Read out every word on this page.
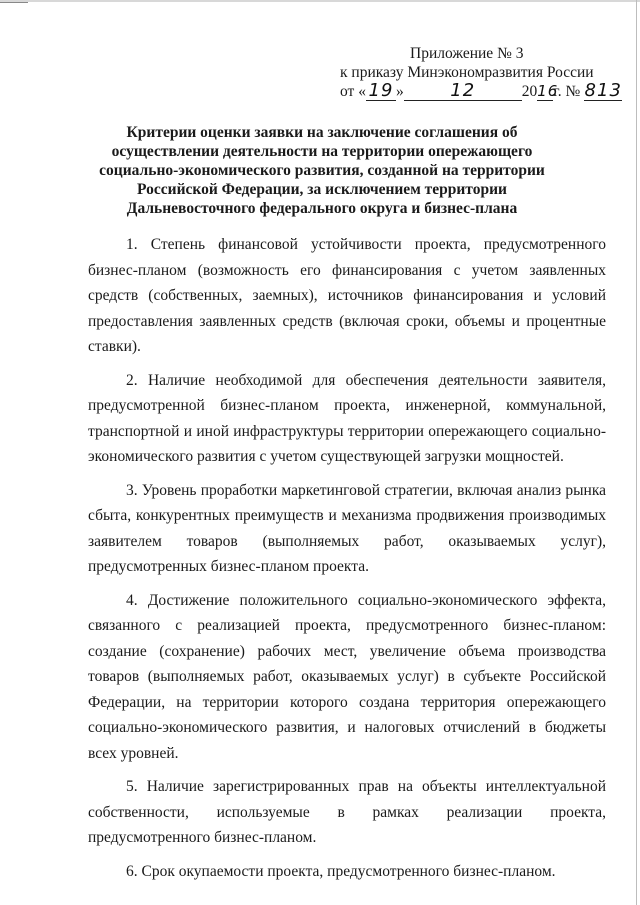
Приложение № 3
к приказу Минэкономразвития России
от « 19 »	12	2016г. № 813
Критерии оценки заявки на заключение соглашения об осуществлении деятельности на территории опережающего социально-экономического развития, созданной на территории Российской Федерации, за исключением территории Дальневосточного федерального округа и бизнес-плана

1. Степень финансовой устойчивости проекта, предусмотренного бизнес-планом (возможность его финансирования с учетом заявленных средств (собственных, заемных), источников финансирования и условий предоставления заявленных средств (включая сроки, объемы и процентные ставки).

2. Наличие необходимой для обеспечения деятельности заявителя, предусмотренной бизнес-планом проекта, инженерной, коммунальной, транспортной и иной инфраструктуры территории опережающего социально-экономического развития с учетом существующей загрузки мощностей.

3. Уровень проработки маркетинговой стратегии, включая анализ рынка сбыта, конкурентных преимуществ и механизма продвижения производимых заявителем товаров (выполняемых работ, оказываемых услуг), предусмотренных бизнес-планом проекта.

4. Достижение положительного социально-экономического эффекта, связанного с реализацией проекта, предусмотренного бизнес-планом: создание (сохранение) рабочих мест, увеличение объема производства товаров (выполняемых работ, оказываемых услуг) в субъекте Российской Федерации, на территории которого создана территория опережающего социально-экономического развития, и налоговых отчислений в бюджеты всех уровней.

5. Наличие зарегистрированных прав на объекты интеллектуальной собственности, используемые в рамках реализации проекта, предусмотренного бизнес-планом.

6. Срок окупаемости проекта, предусмотренного бизнес-планом.
